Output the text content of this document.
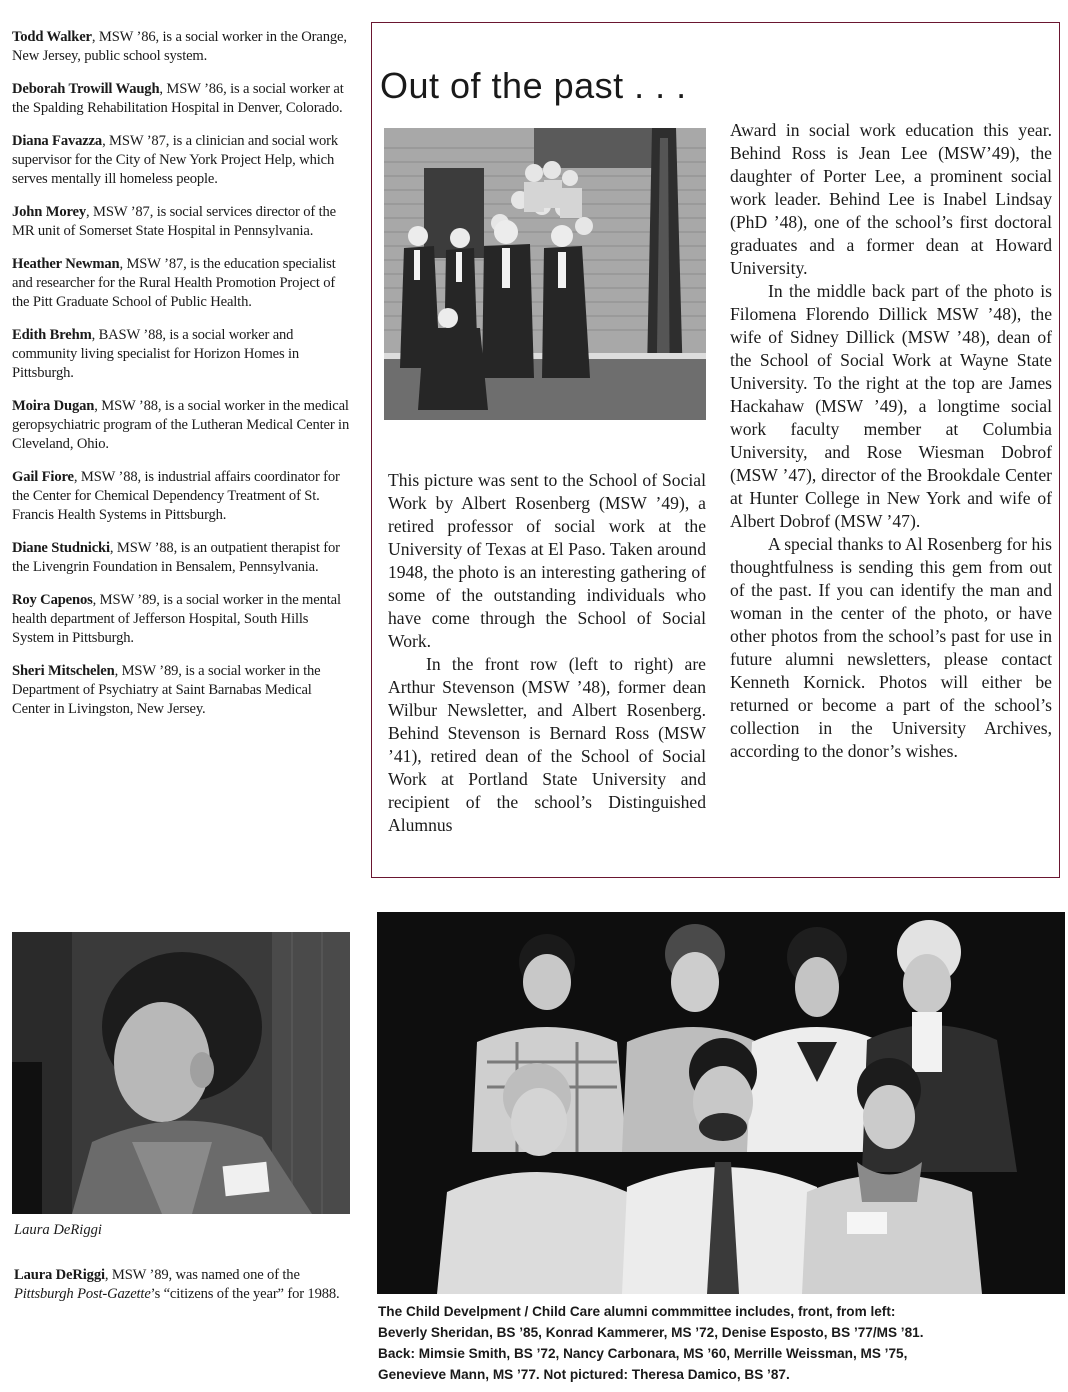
Todd Walker, MSW ’86, is a social worker in the Orange, New Jersey, public school system.

Deborah Trowill Waugh, MSW ’86, is a social worker at the Spalding Rehabilitation Hospital in Denver, Colorado.

Diana Favazza, MSW ’87, is a clinician and social work supervisor for the City of New York Project Help, which serves mentally ill homeless people.

John Morey, MSW ’87, is social services director of the MR unit of Somerset State Hospital in Pennsylvania.

Heather Newman, MSW ’87, is the education specialist and researcher for the Rural Health Promotion Project of the Pitt Graduate School of Public Health.

Edith Brehm, BASW ’88, is a social worker and community living specialist for Horizon Homes in Pittsburgh.

Moira Dugan, MSW ’88, is a social worker in the medical geropsychiatric program of the Lutheran Medical Center in Cleveland, Ohio.

Gail Fiore, MSW ’88, is industrial affairs coordinator for the Center for Chemical Dependency Treatment of St. Francis Health Systems in Pittsburgh.

Diane Studnicki, MSW ’88, is an outpatient therapist for the Livengrin Foundation in Bensalem, Pennsylvania.

Roy Capenos, MSW ’89, is a social worker in the mental health department of Jefferson Hospital, South Hills System in Pittsburgh.

Sheri Mitschelen, MSW ’89, is a social worker in the Department of Psychiatry at Saint Barnabas Medical Center in Livingston, New Jersey.

Out of the past . . .

This picture was sent to the School of Social Work by Albert Rosenberg (MSW ’49), a retired professor of social work at the University of Texas at El Paso. Taken around 1948, the photo is an interesting gathering of some of the outstanding individuals who have come through the School of Social Work.

In the front row (left to right) are Arthur Stevenson (MSW ’48), former dean Wilbur Newsletter, and Albert Rosenberg. Behind Stevenson is Bernard Ross (MSW ’41), retired dean of the School of Social Work at Portland State University and recipient of the school’s Distinguished Alumnus

Award in social work education this year. Behind Ross is Jean Lee (MSW’49), the daughter of Porter Lee, a prominent social work leader. Behind Lee is Inabel Lindsay (PhD ’48), one of the school’s first doctoral graduates and a former dean at Howard University.

In the middle back part of the photo is Filomena Florendo Dillick MSW ’48), the wife of Sidney Dillick (MSW ’48), dean of the School of Social Work at Wayne State University. To the right at the top are James Hackahaw (MSW ’49), a longtime social work faculty member at Columbia University, and Rose Wiesman Dobrof (MSW ’47), director of the Brookdale Center at Hunter College in New York and wife of Albert Dobrof (MSW ’47).

A special thanks to Al Rosenberg for his thoughtfulness is sending this gem from out of the past. If you can identify the man and woman in the center of the photo, or have other photos from the school’s past for use in future alumni newsletters, please contact Kenneth Kornick. Photos will either be returned or become a part of the school’s collection in the University Archives, according to the donor’s wishes.

Laura DeRiggi

Laura DeRiggi, MSW ’89, was named one of the Pittsburgh Post-Gazette’s “citizens of the year” for 1988.

The Child Develpment / Child Care alumni commmittee includes, front, from left:
Beverly Sheridan, BS ’85, Konrad Kammerer, MS ’72, Denise Esposto, BS ’77/MS ’81.
Back: Mimsie Smith, BS ’72, Nancy Carbonara, MS ’60, Merrille Weissman, MS ’75,
Genevieve Mann, MS ’77. Not pictured: Theresa Damico, BS ’87.
